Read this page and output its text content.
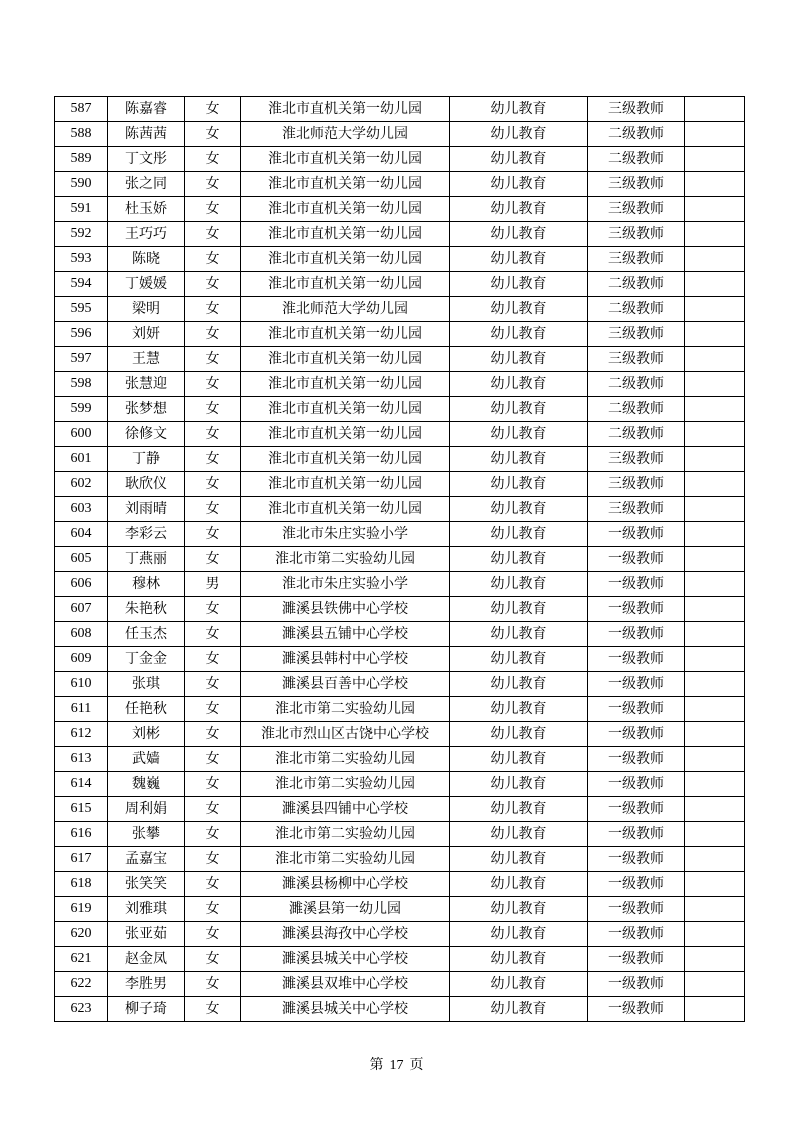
587	陈嘉睿	女	淮北市直机关第一幼儿园	幼儿教育	三级教师	
588	陈茜茜	女	淮北师范大学幼儿园	幼儿教育	二级教师	
589	丁文彤	女	淮北市直机关第一幼儿园	幼儿教育	二级教师	
590	张之同	女	淮北市直机关第一幼儿园	幼儿教育	三级教师	
591	杜玉娇	女	淮北市直机关第一幼儿园	幼儿教育	三级教师	
592	王巧巧	女	淮北市直机关第一幼儿园	幼儿教育	三级教师	
593	陈晓	女	淮北市直机关第一幼儿园	幼儿教育	三级教师	
594	丁媛媛	女	淮北市直机关第一幼儿园	幼儿教育	二级教师	
595	梁明	女	淮北师范大学幼儿园	幼儿教育	二级教师	
596	刘妍	女	淮北市直机关第一幼儿园	幼儿教育	三级教师	
597	王慧	女	淮北市直机关第一幼儿园	幼儿教育	三级教师	
598	张慧迎	女	淮北市直机关第一幼儿园	幼儿教育	二级教师	
599	张梦想	女	淮北市直机关第一幼儿园	幼儿教育	二级教师	
600	徐修文	女	淮北市直机关第一幼儿园	幼儿教育	二级教师	
601	丁静	女	淮北市直机关第一幼儿园	幼儿教育	三级教师	
602	耿欣仪	女	淮北市直机关第一幼儿园	幼儿教育	三级教师	
603	刘雨晴	女	淮北市直机关第一幼儿园	幼儿教育	三级教师	
604	李彩云	女	淮北市朱庄实验小学	幼儿教育	一级教师	
605	丁燕丽	女	淮北市第二实验幼儿园	幼儿教育	一级教师	
606	穆林	男	淮北市朱庄实验小学	幼儿教育	一级教师	
607	朱艳秋	女	濉溪县铁佛中心学校	幼儿教育	一级教师	
608	任玉杰	女	濉溪县五铺中心学校	幼儿教育	一级教师	
609	丁金金	女	濉溪县韩村中心学校	幼儿教育	一级教师	
610	张琪	女	濉溪县百善中心学校	幼儿教育	一级教师	
611	任艳秋	女	淮北市第二实验幼儿园	幼儿教育	一级教师	
612	刘彬	女	淮北市烈山区古饶中心学校	幼儿教育	一级教师	
613	武嫱	女	淮北市第二实验幼儿园	幼儿教育	一级教师	
614	魏巍	女	淮北市第二实验幼儿园	幼儿教育	一级教师	
615	周利娟	女	濉溪县四铺中心学校	幼儿教育	一级教师	
616	张攀	女	淮北市第二实验幼儿园	幼儿教育	一级教师	
617	孟嘉宝	女	淮北市第二实验幼儿园	幼儿教育	一级教师	
618	张笑笑	女	濉溪县杨柳中心学校	幼儿教育	一级教师	
619	刘雅琪	女	濉溪县第一幼儿园	幼儿教育	一级教师	
620	张亚茹	女	濉溪县海孜中心学校	幼儿教育	一级教师	
621	赵金凤	女	濉溪县城关中心学校	幼儿教育	一级教师	
622	李胜男	女	濉溪县双堆中心学校	幼儿教育	一级教师	
623	柳子琦	女	濉溪县城关中心学校	幼儿教育	一级教师	
第 17 页
